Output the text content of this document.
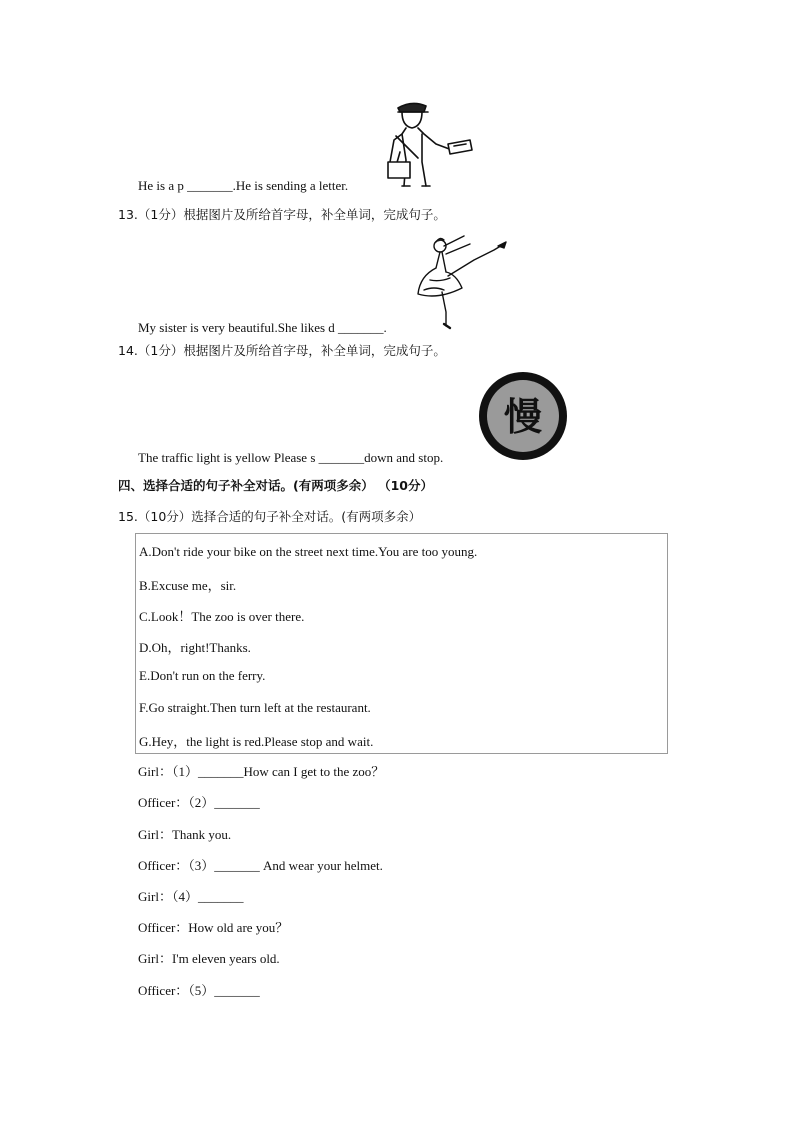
He is a p _______.He is sending a letter.
13.（1分）根据图片及所给首字母，补全单词，完成句子。
My sister is very beautiful.She likes d _______.
14.（1分）根据图片及所给首字母，补全单词，完成句子。
慢
The traffic light is yellow Please s _______down and stop.
四、选择合适的句子补全对话。(有两项多余） （10分）
15.（10分）选择合适的句子补全对话。(有两项多余）
A.Don't ride your bike on the street next time.You are too young.
B.Excuse me，sir.
C.Look！The zoo is over there.
D.Oh，right!Thanks.
E.Don't run on the ferry.
F.Go straight.Then turn left at the restaurant.
G.Hey，the light is red.Please stop and wait.
Girl：（1）_______How can I get to the zoo？
Officer：（2）_______
Girl：Thank you.
Officer：（3）_______ And wear your helmet.
Girl：（4）_______
Officer：How old are you？
Girl：I'm eleven years old.
Officer：（5）_______
